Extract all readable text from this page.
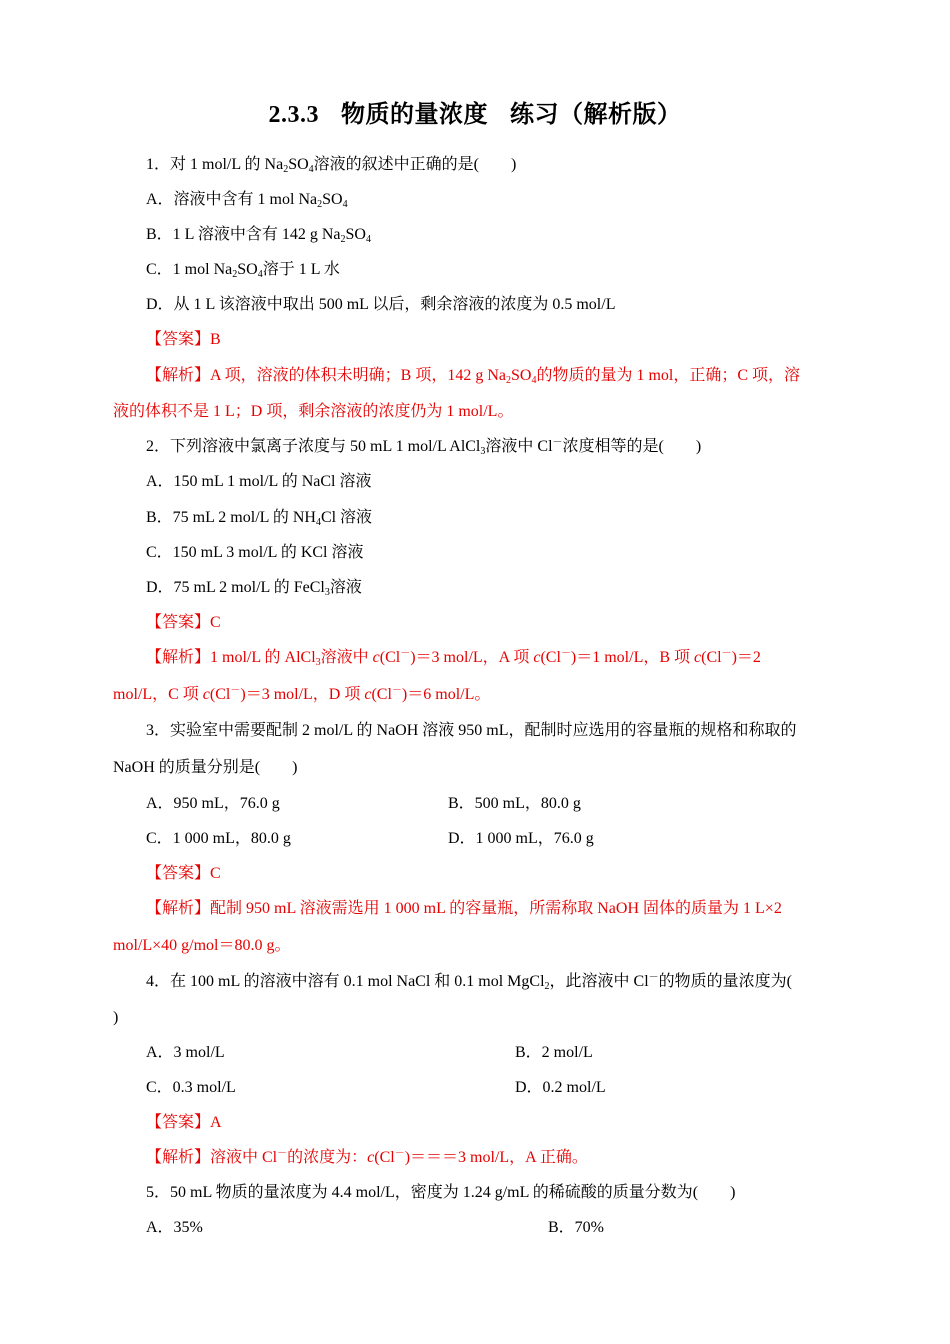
2.3.3 物质的量浓度 练习（解析版）
1．对 1 mol/L 的 $Na_2SO_4$溶液的叙述中正确的是(　　)
A．溶液中含有 1 mol $Na_2SO_4$
B．1 L 溶液中含有 142 g $Na_2SO_4$
C．1 mol $Na_2SO_4$溶于 1 L 水
D．从 1 L 该溶液中取出 500 mL 以后，剩余溶液的浓度为 0.5 mol/L
【答案】B
【解析】A 项，溶液的体积未明确；B 项，142 g $Na_2SO_4$的物质的量为 1 mol，正确；C 项，溶
液的体积不是 1 L；D 项，剩余溶液的浓度仍为 1 mol/L。
2．下列溶液中氯离子浓度与 50 mL 1 mol/L AlCl$_3$溶液中 Cl－浓度相等的是(　　)
A．150 mL 1 mol/L 的 NaCl 溶液
B．75 mL 2 mol/L 的 $NH_4Cl$ 溶液
C．150 mL 3 mol/L 的 KCl 溶液
D．75 mL 2 mol/L 的 FeCl$_3$溶液
【答案】C
【解析】1 mol/L 的 AlCl$_3$溶液中 c(Cl－)＝3 mol/L，A 项 c(Cl－)＝1 mol/L，B 项 c(Cl－)＝2
mol/L，C 项 c(Cl－)＝3 mol/L，D 项 c(Cl－)＝6 mol/L。
3．实验室中需要配制 2 mol/L 的 NaOH 溶液 950 mL，配制时应选用的容量瓶的规格和称取的
NaOH 的质量分别是(　　)
A．950 mL，76.0 g	B．500 mL，80.0 g
C．1 000 mL，80.0 g	D．1 000 mL，76.0 g
【答案】C
【解析】配制 950 mL 溶液需选用 1 000 mL 的容量瓶，所需称取 NaOH 固体的质量为 1 L×2
mol/L×40 g/mol＝80.0 g。
4．在 100 mL 的溶液中溶有 0.1 mol NaCl 和 0.1 mol MgCl$_2$，此溶液中 Cl－的物质的量浓度为(
)
A．3 mol/L	B．2 mol/L
C．0.3 mol/L	D．0.2 mol/L
【答案】A
【解析】溶液中 Cl－的浓度为：c(Cl－)＝＝＝3 mol/L，A 正确。
5．50 mL 物质的量浓度为 4.4 mol/L，密度为 1.24 g/mL 的稀硫酸的质量分数为(　　)
A．35%	B．70%
